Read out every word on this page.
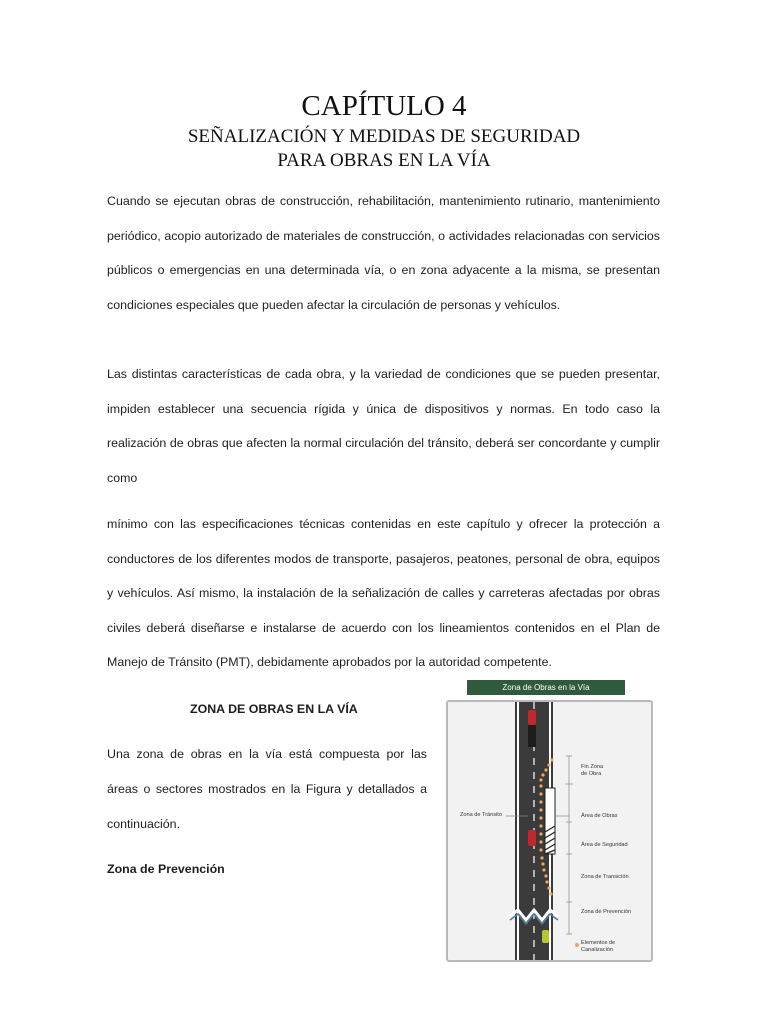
CAPÍTULO 4
SEÑALIZACIÓN Y MEDIDAS DE SEGURIDAD
PARA OBRAS EN LA VÍA

Cuando se ejecutan obras de construcción, rehabilitación, mantenimiento rutinario, mantenimiento periódico, acopio autorizado de materiales de construcción, o actividades relacionadas con servicios públicos o emergencias en una determinada vía, o en zona adyacente a la misma, se presentan condiciones especiales que pueden afectar la circulación de personas y vehículos.

Las distintas características de cada obra, y la variedad de condiciones que se pueden presentar, impiden establecer una secuencia rígida y única de dispositivos y normas. En todo caso la realización de obras que afecten la normal circulación del tránsito, deberá ser concordante y cumplir como

mínimo con las especificaciones técnicas contenidas en este capítulo y ofrecer la protección a conductores de los diferentes modos de transporte, pasajeros, peatones, personal de obra, equipos y vehículos. Así mismo, la instalación de la señalización de calles y carreteras afectadas por obras civiles deberá diseñarse e instalarse de acuerdo con los lineamientos contenidos en el Plan de Manejo de Tránsito (PMT), debidamente aprobados por la autoridad competente.

ZONA DE OBRAS EN LA VÍA

Una zona de obras en la vía está compuesta por las áreas o sectores mostrados en la Figura y detallados a continuación.

Zona de Prevención
Zona de Obras en la Vía
Fin Zona
de Obra
Zona de Tránsito	Área de Obras
Área de Seguridad
Zona de Transición
Zona de Prevención
Elementos de
Canalización
